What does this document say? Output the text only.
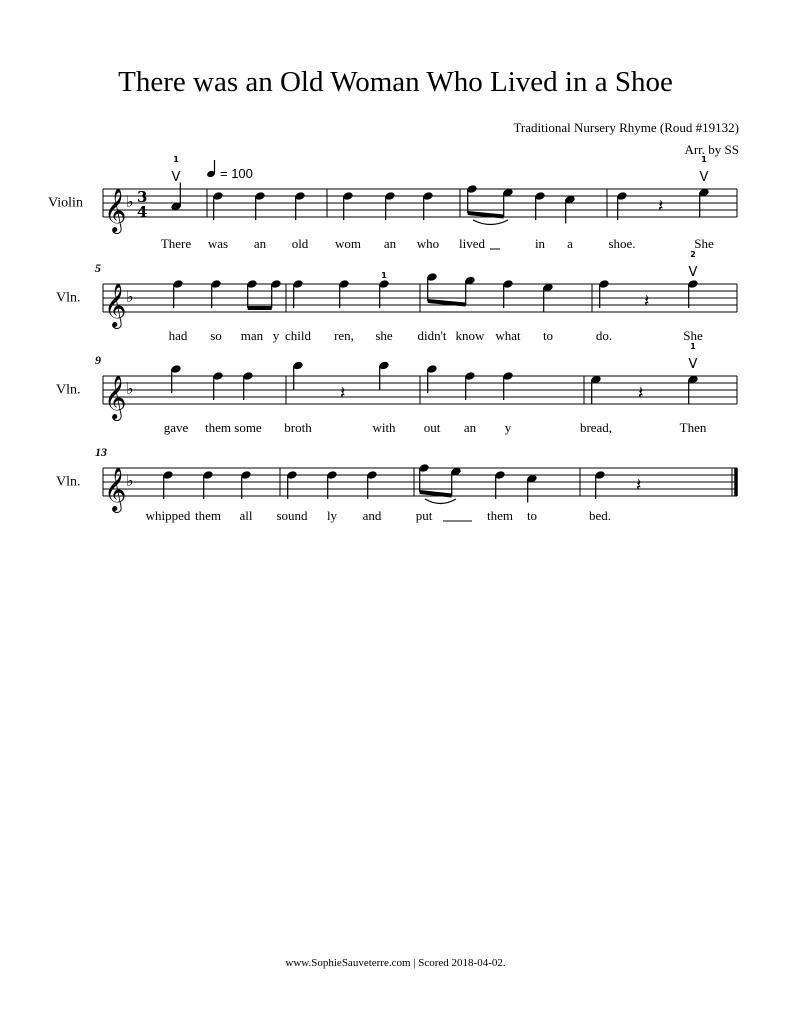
There was an Old Woman Who Lived in a Shoe
Traditional Nursery Rhyme (Roud #19132)
Arr. by SS
Violin 𝄞 ♭ 3
4
= 100
There
1
V
was an old wom an who lived	in a	shoe.
𝄽
She
1
V
Vln.
5
𝄞 ♭
had so man y child ren, she
1
didn't know what to	do.
𝄽
She
2
V
Vln.
9
𝄞 ♭
gave them some broth
𝄽
with out an y	bread,
𝄽
Then
1
V
Vln.
13
𝄞 ♭
whipped them all sound ly and	put	them to	bed.
𝄽
www.SophieSauveterre.com | Scored 2018-04-02.
